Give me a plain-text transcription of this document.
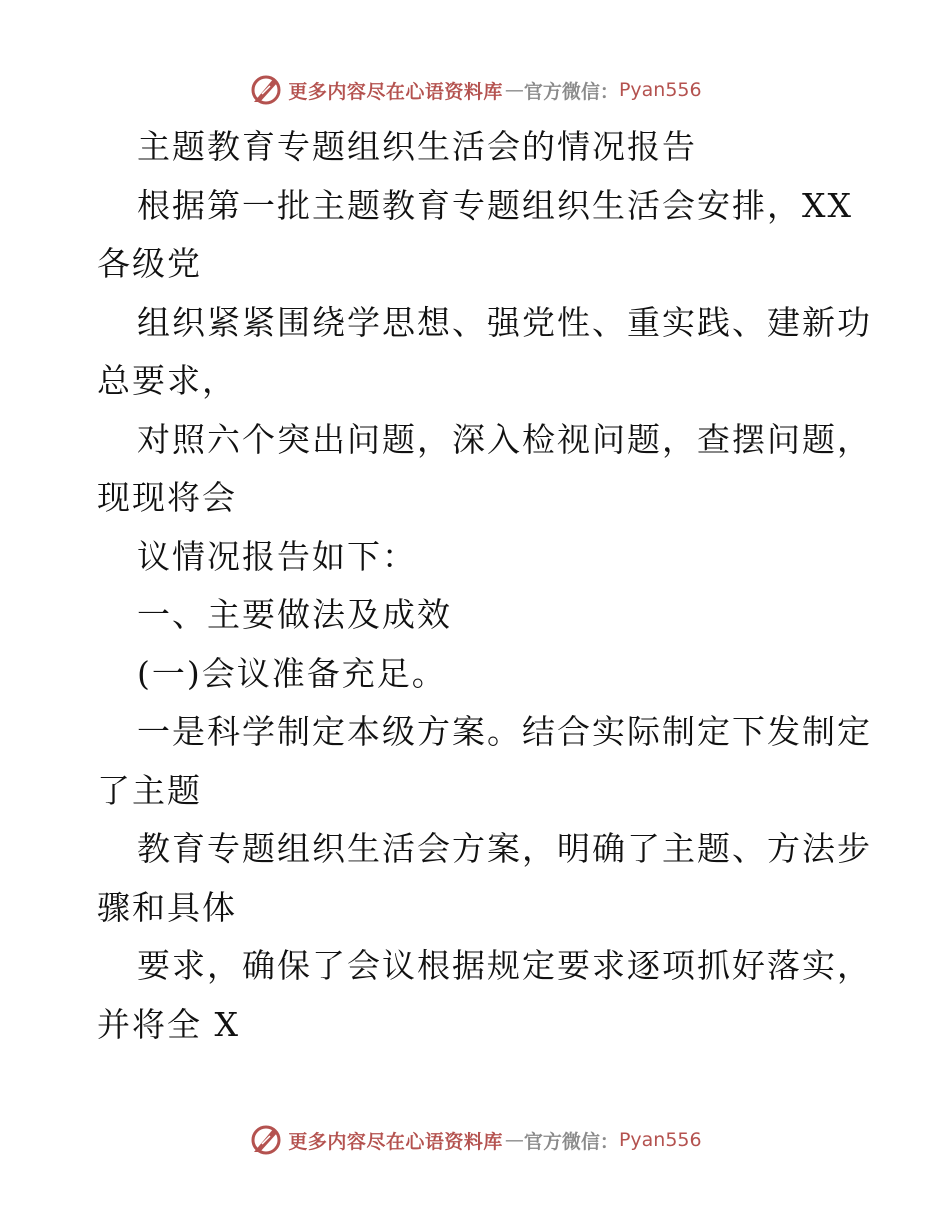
更多内容尽在心语资料库 — 官方微信： Pyan556
主题教育专题组织生活会的情况报告
根据第一批主题教育专题组织生活会安排，XX
各级党
组织紧紧围绕学思想、强党性、重实践、建新功
总要求，
对照六个突出问题，深入检视问题，查摆问题，
现现将会
议情况报告如下：
一、主要做法及成效
(一)会议准备充足。
一是科学制定本级方案。结合实际制定下发制定
了主题
教育专题组织生活会方案，明确了主题、方法步
骤和具体
要求，确保了会议根据规定要求逐项抓好落实，
并将全 X
更多内容尽在心语资料库 — 官方微信： Pyan556
